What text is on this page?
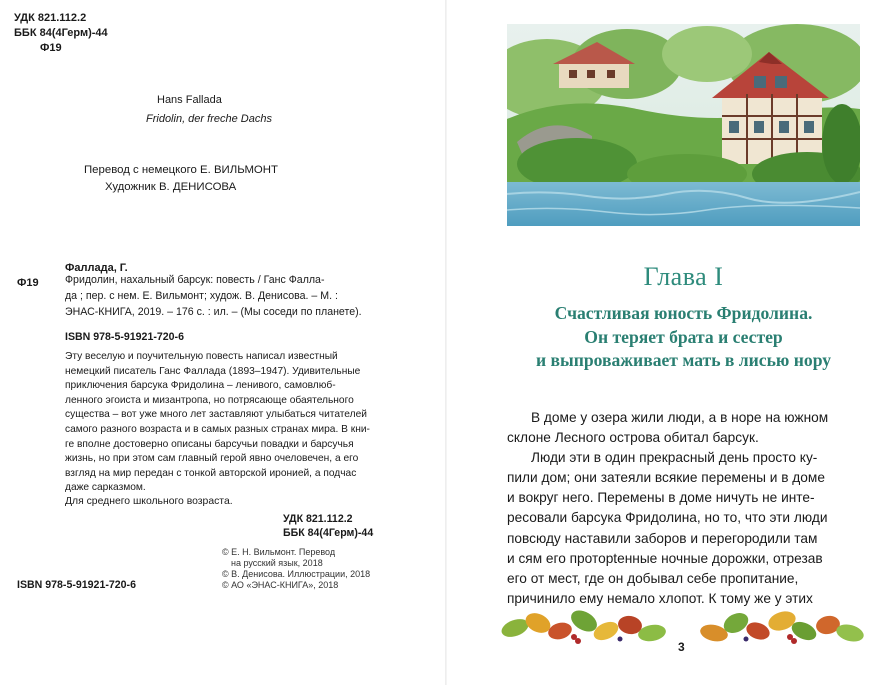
УДК 821.112.2
ББК 84(4Герм)-44
Ф19
Hans Fallada
Fridolin, der freche Dachs
Перевод с немецкого Е. ВИЛЬМОНТ
Художник В. ДЕНИСОВА
Фаллада, Г.
Ф19 Фридолин, нахальный барсук: повесть / Ганс Фалла-
да ; пер. с нем. Е. Вильмонт; худож. В. Денисова. – М. :
ЭНАС-КНИГА, 2019. – 176 с. : ил. – (Мы соседи по планете).
ISBN 978-5-91921-720-6
Эту веселую и поучительную повесть написал известный
немецкий писатель Ганс Фаллада (1893–1947). Удивительные
приключения барсука Фридолина – ленивого, самовлюб-
ленного эгоиста и мизантропа, но потрясающе обаятельного
существа – вот уже много лет заставляют улыбаться читателей
самого разного возраста и в самых разных странах мира. В кни-
ге вполне достоверно описаны барсучьи повадки и барсучья
жизнь, но при этом сам главный герой явно очеловечен, а его
взгляд на мир передан с тонкой авторской иронией, а подчас
даже сарказмом.
Для среднего школьного возраста.
УДК 821.112.2
ББК 84(4Герм)-44
© Е. Н. Вильмонт. Перевод
на русский язык, 2018
© В. Денисова. Иллюстрации, 2018
© АО «ЭНАС-КНИГА», 2018
ISBN 978-5-91921-720-6
Глава I
Счастливая юность Фридолина.
Он теряет брата и сестер
и выпроваживает мать в лисью нору
В доме у озера жили люди, а в норе на южном
склоне Лесного острова обитал барсук.
Люди эти в один прекрасный день просто ку-
пили дом; они затеяли всякие перемены и в доме
и вокруг него. Перемены в доме ничуть не инте-
ресовали барсука Фридолина, но то, что эти люди
повсюду наставили заборов и перегородили там
и сям его протоptенные ночные дорожки, отрезав
его от мест, где он добывал себе пропитание,
причинило ему немало хлопот. К тому же у этих
3
